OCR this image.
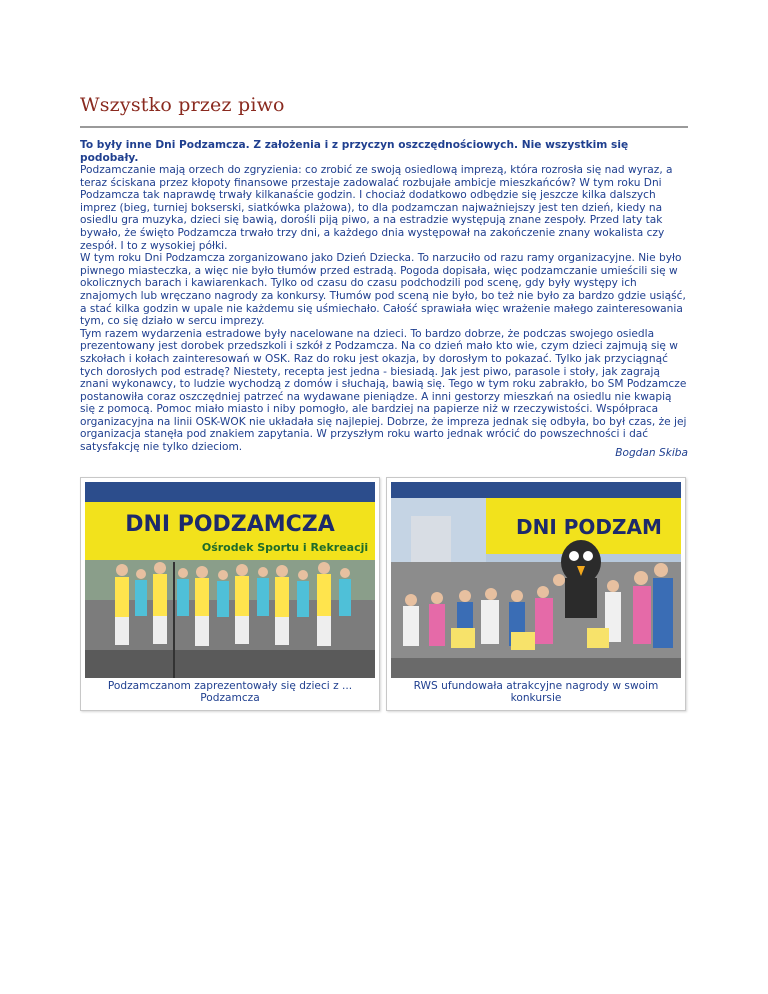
Wszystko przez piwo

To były inne Dni Podzamcza. Z założenia i z przyczyn oszczędnościowych. Nie wszystkim się podobały.

Podzamczanie mają orzech do zgryzienia: co zrobić ze swoją osiedlową imprezą, która rozrosła się nad wyraz, a teraz ściskana przez kłopoty finansowe przestaje zadowalać rozbujałe ambicje mieszkańców? W tym roku Dni Podzamcza tak naprawdę trwały kilkanaście godzin. I chociaż dodatkowo odbędzie się jeszcze kilka dalszych imprez (bieg, turniej bokserski, siatkówka plażowa), to dla podzamczan najważniejszy jest ten dzień, kiedy na osiedlu gra muzyka, dzieci się bawią, dorośli piją piwo, a na estradzie występują znane zespoły. Przed laty tak bywało, że święto Podzamcza trwało trzy dni, a każdego dnia występował na zakończenie znany wokalista czy zespół. I to z wysokiej półki.

W tym roku Dni Podzamcza zorganizowano jako Dzień Dziecka. To narzuciło od razu ramy organizacyjne. Nie było piwnego miasteczka, a więc nie było tłumów przed estradą. Pogoda dopisała, więc podzamczanie umieścili się w okolicznych barach i kawiarenkach. Tylko od czasu do czasu podchodzili pod scenę, gdy były występy ich znajomych lub wręczano nagrody za konkursy. Tłumów pod sceną nie było, bo też nie było za bardzo gdzie usiąść, a stać kilka godzin w upale nie każdemu się uśmiechało. Całość sprawiała więc wrażenie małego zainteresowania tym, co się działo w sercu imprezy.

Tym razem wydarzenia estradowe były nacelowane na dzieci. To bardzo dobrze, że podczas swojego osiedla prezentowany jest dorobek przedszkoli i szkół z Podzamcza. Na co dzień mało kto wie, czym dzieci zajmują się w szkołach i kołach zainteresowań w OSK. Raz do roku jest okazja, by dorosłym to pokazać. Tylko jak przyciągnąć tych dorosłych pod estradę? Niestety, recepta jest jedna - biesiadą. Jak jest piwo, parasole i stoły, jak zagrają znani wykonawcy, to ludzie wychodzą z domów i słuchają, bawią się. Tego w tym roku zabrakło, bo SM Podzamcze postanowiła coraz oszczędniej patrzeć na wydawane pieniądze. A inni gestorzy mieszkań na osiedlu nie kwapią się z pomocą. Pomoc miało miasto i niby pomogło, ale bardziej na papierze niż w rzeczywistości. Współpraca organizacyjna na linii OSK-WOK nie układała się najlepiej. Dobrze, że impreza jednak się odbyła, bo był czas, że jej organizacja stanęła pod znakiem zapytania. W przyszłym roku warto jednak wrócić do powszechności i dać satysfakcję nie tylko dzieciom.	Bogdan Skiba
DNI PODZAMCZA
Ośrodek Sportu i Rekreacji
Podzamczanom zaprezentowały się dzieci z ... Podzamcza
DNI PODZAM
RWS ufundowała atrakcyjne nagrody w swoim konkursie
